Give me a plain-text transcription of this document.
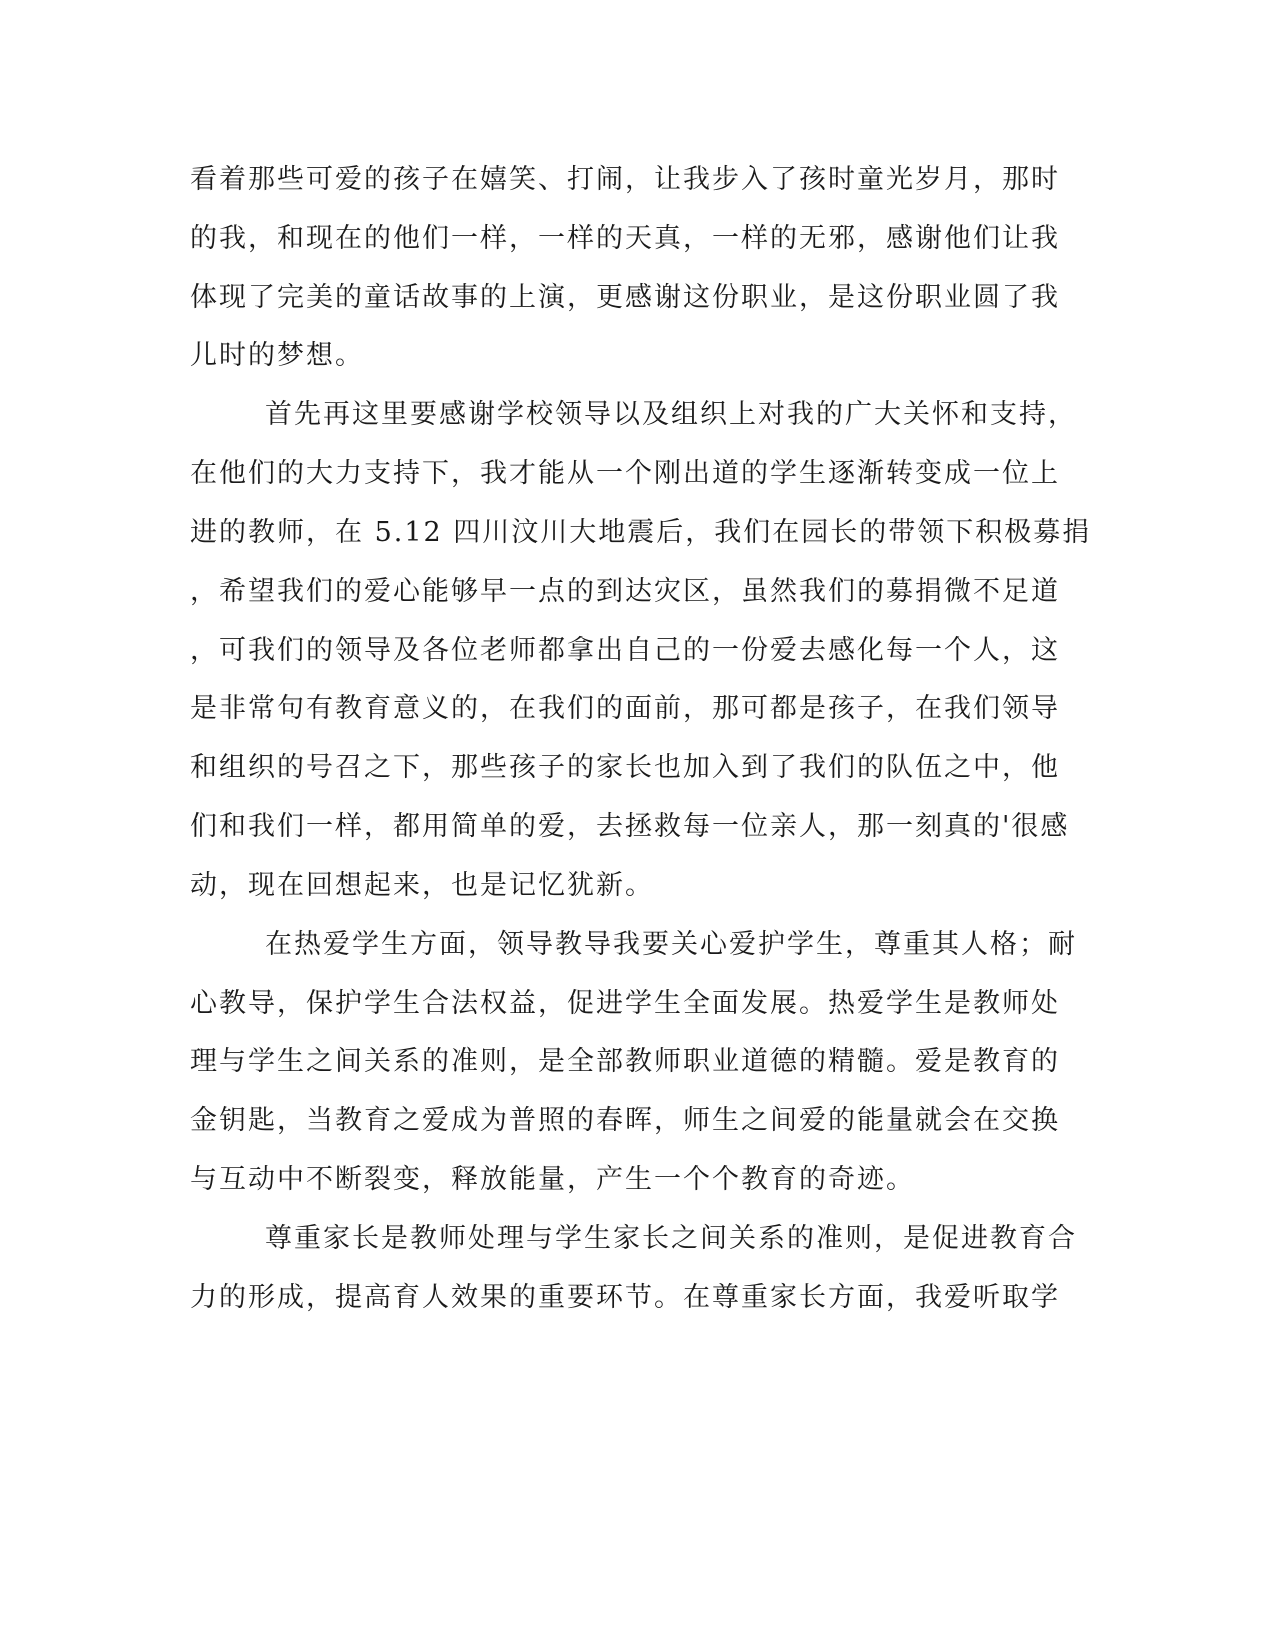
看着那些可爱的孩子在嬉笑、打闹，让我步入了孩时童光岁月，那时
的我，和现在的他们一样，一样的天真，一样的无邪，感谢他们让我
体现了完美的童话故事的上演，更感谢这份职业，是这份职业圆了我
儿时的梦想。
首先再这里要感谢学校领导以及组织上对我的广大关怀和支持，
在他们的大力支持下，我才能从一个刚出道的学生逐渐转变成一位上
进的教师，在 5.12 四川汶川大地震后，我们在园长的带领下积极募捐
，希望我们的爱心能够早一点的到达灾区，虽然我们的募捐微不足道
，可我们的领导及各位老师都拿出自己的一份爱去感化每一个人，这
是非常句有教育意义的，在我们的面前，那可都是孩子，在我们领导
和组织的号召之下，那些孩子的家长也加入到了我们的队伍之中，他
们和我们一样，都用简单的爱，去拯救每一位亲人，那一刻真的'很感
动，现在回想起来，也是记忆犹新。
在热爱学生方面，领导教导我要关心爱护学生，尊重其人格；耐
心教导，保护学生合法权益，促进学生全面发展。热爱学生是教师处
理与学生之间关系的准则，是全部教师职业道德的精髓。爱是教育的
金钥匙，当教育之爱成为普照的春晖，师生之间爱的能量就会在交换
与互动中不断裂变，释放能量，产生一个个教育的奇迹。
尊重家长是教师处理与学生家长之间关系的准则，是促进教育合
力的形成，提高育人效果的重要环节。在尊重家长方面，我爱听取学
